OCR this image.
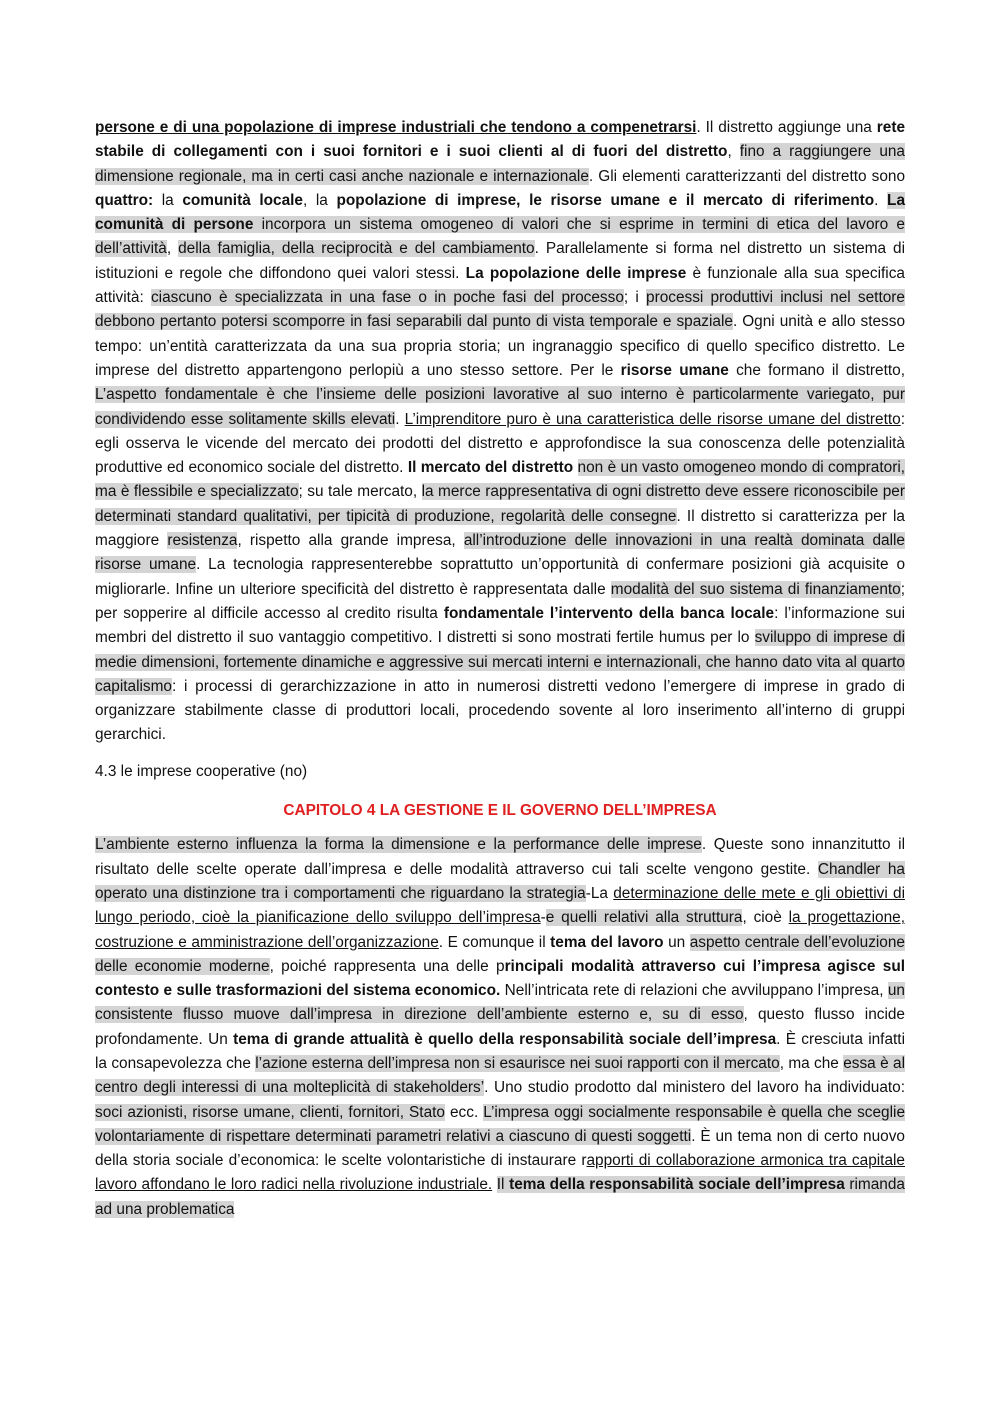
persone e di una popolazione di imprese industriali che tendono a compenetrarsi. Il distretto aggiunge una rete stabile di collegamenti con i suoi fornitori e i suoi clienti al di fuori del distretto, fino a raggiungere una dimensione regionale, ma in certi casi anche nazionale e internazionale. Gli elementi caratterizzanti del distretto sono quattro: la comunità locale, la popolazione di imprese, le risorse umane e il mercato di riferimento. La comunità di persone incorpora un sistema omogeneo di valori che si esprime in termini di etica del lavoro e dell’attività, della famiglia, della reciprocità e del cambiamento. Parallelamente si forma nel distretto un sistema di istituzioni e regole che diffondono quei valori stessi. La popolazione delle imprese è funzionale alla sua specifica attività: ciascuno è specializzata in una fase o in poche fasi del processo; i processi produttivi inclusi nel settore debbono pertanto potersi scomporre in fasi separabili dal punto di vista temporale e spaziale. Ogni unità e allo stesso tempo: un’entità caratterizzata da una sua propria storia; un ingranaggio specifico di quello specifico distretto. Le imprese del distretto appartengono perlopiù a uno stesso settore. Per le risorse umane che formano il distretto, L’aspetto fondamentale è che l’insieme delle posizioni lavorative al suo interno è particolarmente variegato, pur condividendo esse solitamente skills elevati. L’imprenditore puro è una caratteristica delle risorse umane del distretto: egli osserva le vicende del mercato dei prodotti del distretto e approfondisce la sua conoscenza delle potenzialità produttive ed economico sociale del distretto. Il mercato del distretto non è un vasto omogeneo mondo di compratori, ma è flessibile e specializzato; su tale mercato, la merce rappresentativa di ogni distretto deve essere riconoscibile per determinati standard qualitativi, per tipicità di produzione, regolarità delle consegne. Il distretto si caratterizza per la maggiore resistenza, rispetto alla grande impresa, all’introduzione delle innovazioni in una realtà dominata dalle risorse umane. La tecnologia rappresenterebbe soprattutto un’opportunità di confermare posizioni già acquisite o migliorarle. Infine un ulteriore specificità del distretto è rappresentata dalle modalità del suo sistema di finanziamento; per sopperire al difficile accesso al credito risulta fondamentale l’intervento della banca locale: l’informazione sui membri del distretto il suo vantaggio competitivo. I distretti si sono mostrati fertile humus per lo sviluppo di imprese di medie dimensioni, fortemente dinamiche e aggressive sui mercati interni e internazionali, che hanno dato vita al quarto capitalismo: i processi di gerarchizzazione in atto in numerosi distretti vedono l’emergere di imprese in grado di organizzare stabilmente classe di produttori locali, procedendo sovente al loro inserimento all’interno di gruppi gerarchici.

4.3 le imprese cooperative (no)

CAPITOLO 4 LA GESTIONE E IL GOVERNO DELL’IMPRESA

L’ambiente esterno influenza la forma la dimensione e la performance delle imprese. Queste sono innanzitutto il risultato delle scelte operate dall’impresa e delle modalità attraverso cui tali scelte vengono gestite. Chandler ha operato una distinzione tra i comportamenti che riguardano la strategia-La determinazione delle mete e gli obiettivi di lungo periodo, cioè la pianificazione dello sviluppo dell’impresa-e quelli relativi alla struttura, cioè la progettazione, costruzione e amministrazione dell’organizzazione. E comunque il tema del lavoro un aspetto centrale dell’evoluzione delle economie moderne, poiché rappresenta una delle principali modalità attraverso cui l’impresa agisce sul contesto e sulle trasformazioni del sistema economico. Nell’intricata rete di relazioni che avviluppano l’impresa, un consistente flusso muove dall’impresa in direzione dell’ambiente esterno e, su di esso, questo flusso incide profondamente. Un tema di grande attualità è quello della responsabilità sociale dell’impresa. È cresciuta infatti la consapevolezza che l’azione esterna dell’impresa non si esaurisce nei suoi rapporti con il mercato, ma che essa è al centro degli interessi di una molteplicità di stakeholders’. Uno studio prodotto dal ministero del lavoro ha individuato: soci azionisti, risorse umane, clienti, fornitori, Stato ecc. L’impresa oggi socialmente responsabile è quella che sceglie volontariamente di rispettare determinati parametri relativi a ciascuno di questi soggetti. È un tema non di certo nuovo della storia sociale d’economica: le scelte volontaristiche di instaurare rapporti di collaborazione armonica tra capitale lavoro affondano le loro radici nella rivoluzione industriale. Il tema della responsabilità sociale dell’impresa rimanda ad una problematica
